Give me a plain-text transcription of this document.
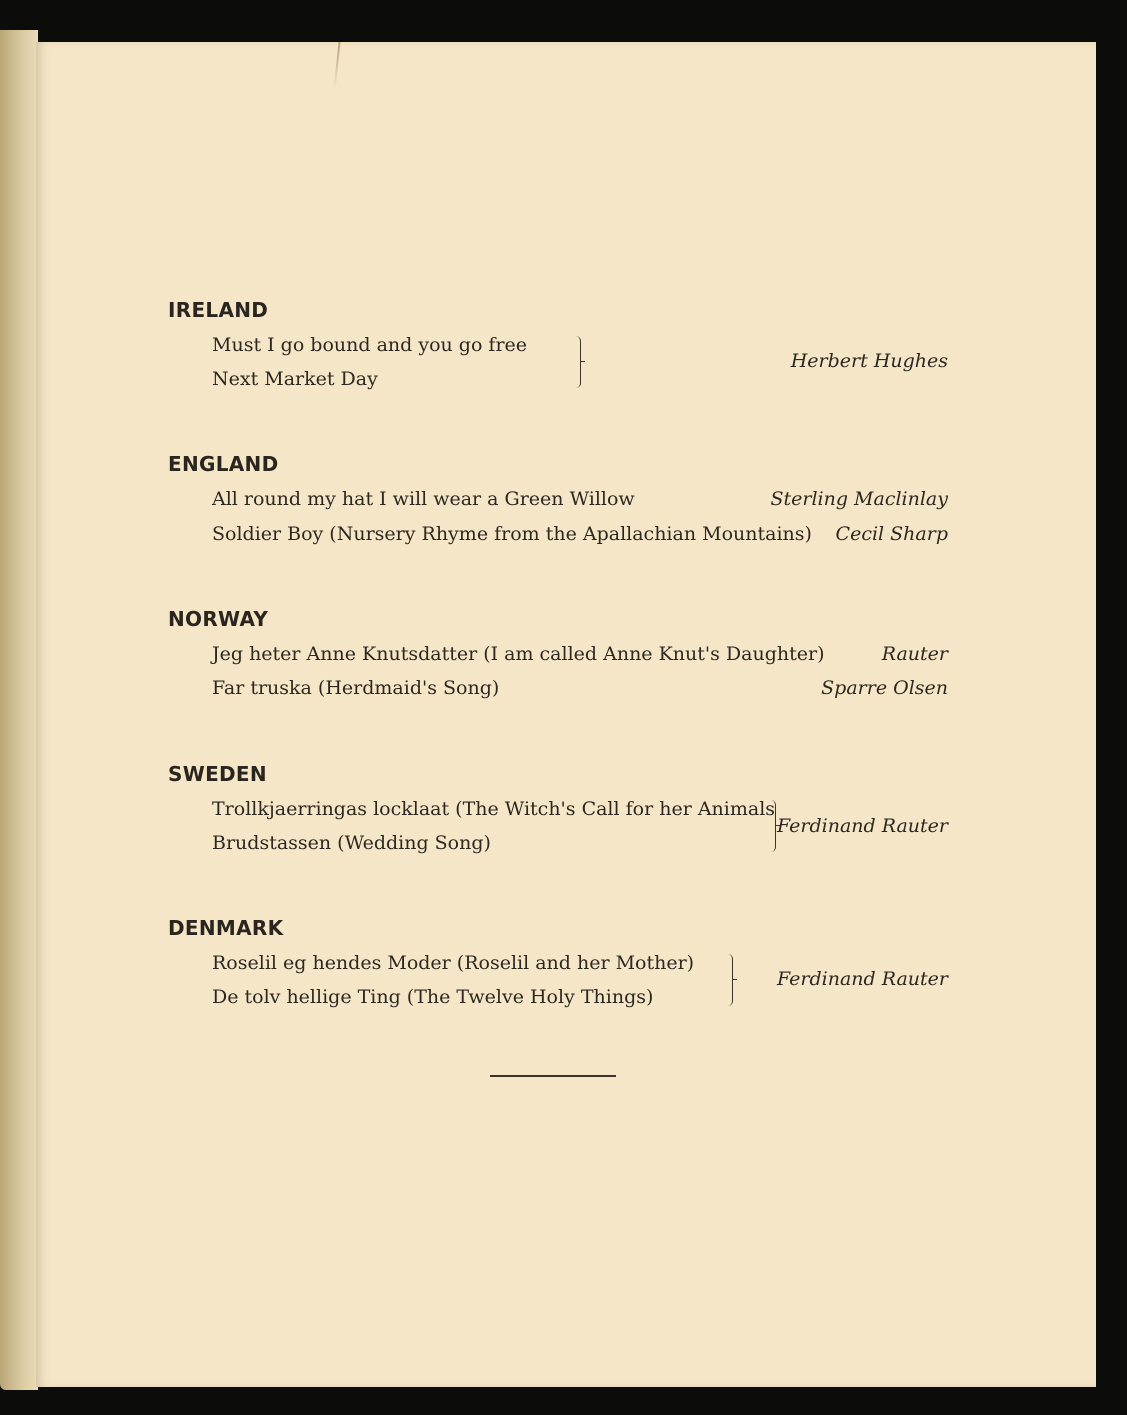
IRELAND
Must I go bound and you go free
Next Market Day
Herbert Hughes
ENGLAND
All round my hat I will wear a Green Willow	Sterling Maclinlay
Soldier Boy (Nursery Rhyme from the Apallachian Mountains) Cecil Sharp
NORWAY
Jeg heter Anne Knutsdatter (I am called Anne Knut's Daughter)	Rauter
Far truska (Herdmaid's Song)	Sparre Olsen
SWEDEN
Trollkjaerringas locklaat (The Witch's Call for her Animals
Brudstassen (Wedding Song)
Ferdinand Rauter
DENMARK
Roselil eg hendes Moder (Roselil and her Mother)
De tolv hellige Ting (The Twelve Holy Things)
Ferdinand Rauter
